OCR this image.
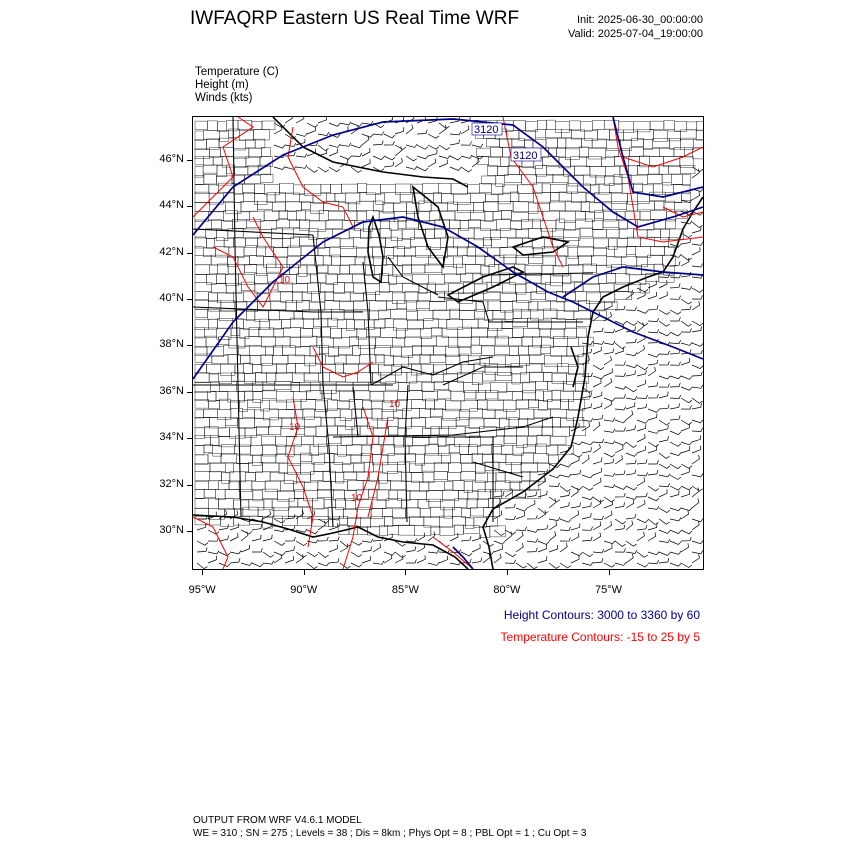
IWFAQRP Eastern US Real Time WRF	Init: 2025-06-30_00:00:00
Valid: 2025-07-04_19:00:00
Temperature (C)
Height (m)
Winds (kts)
3120
3120
10
10
10
10
46°N
44°N
42°N
40°N
38°N
36°N
34°N
32°N
30°N
95°W	90°W	85°W	80°W	75°W
Height Contours: 3000 to 3360 by 60
Temperature Contours: -15 to 25 by 5
OUTPUT FROM WRF V4.6.1 MODEL
WE = 310 ; SN = 275 ; Levels = 38 ; Dis = 8km ; Phys Opt = 8 ; PBL Opt = 1 ; Cu Opt = 3
